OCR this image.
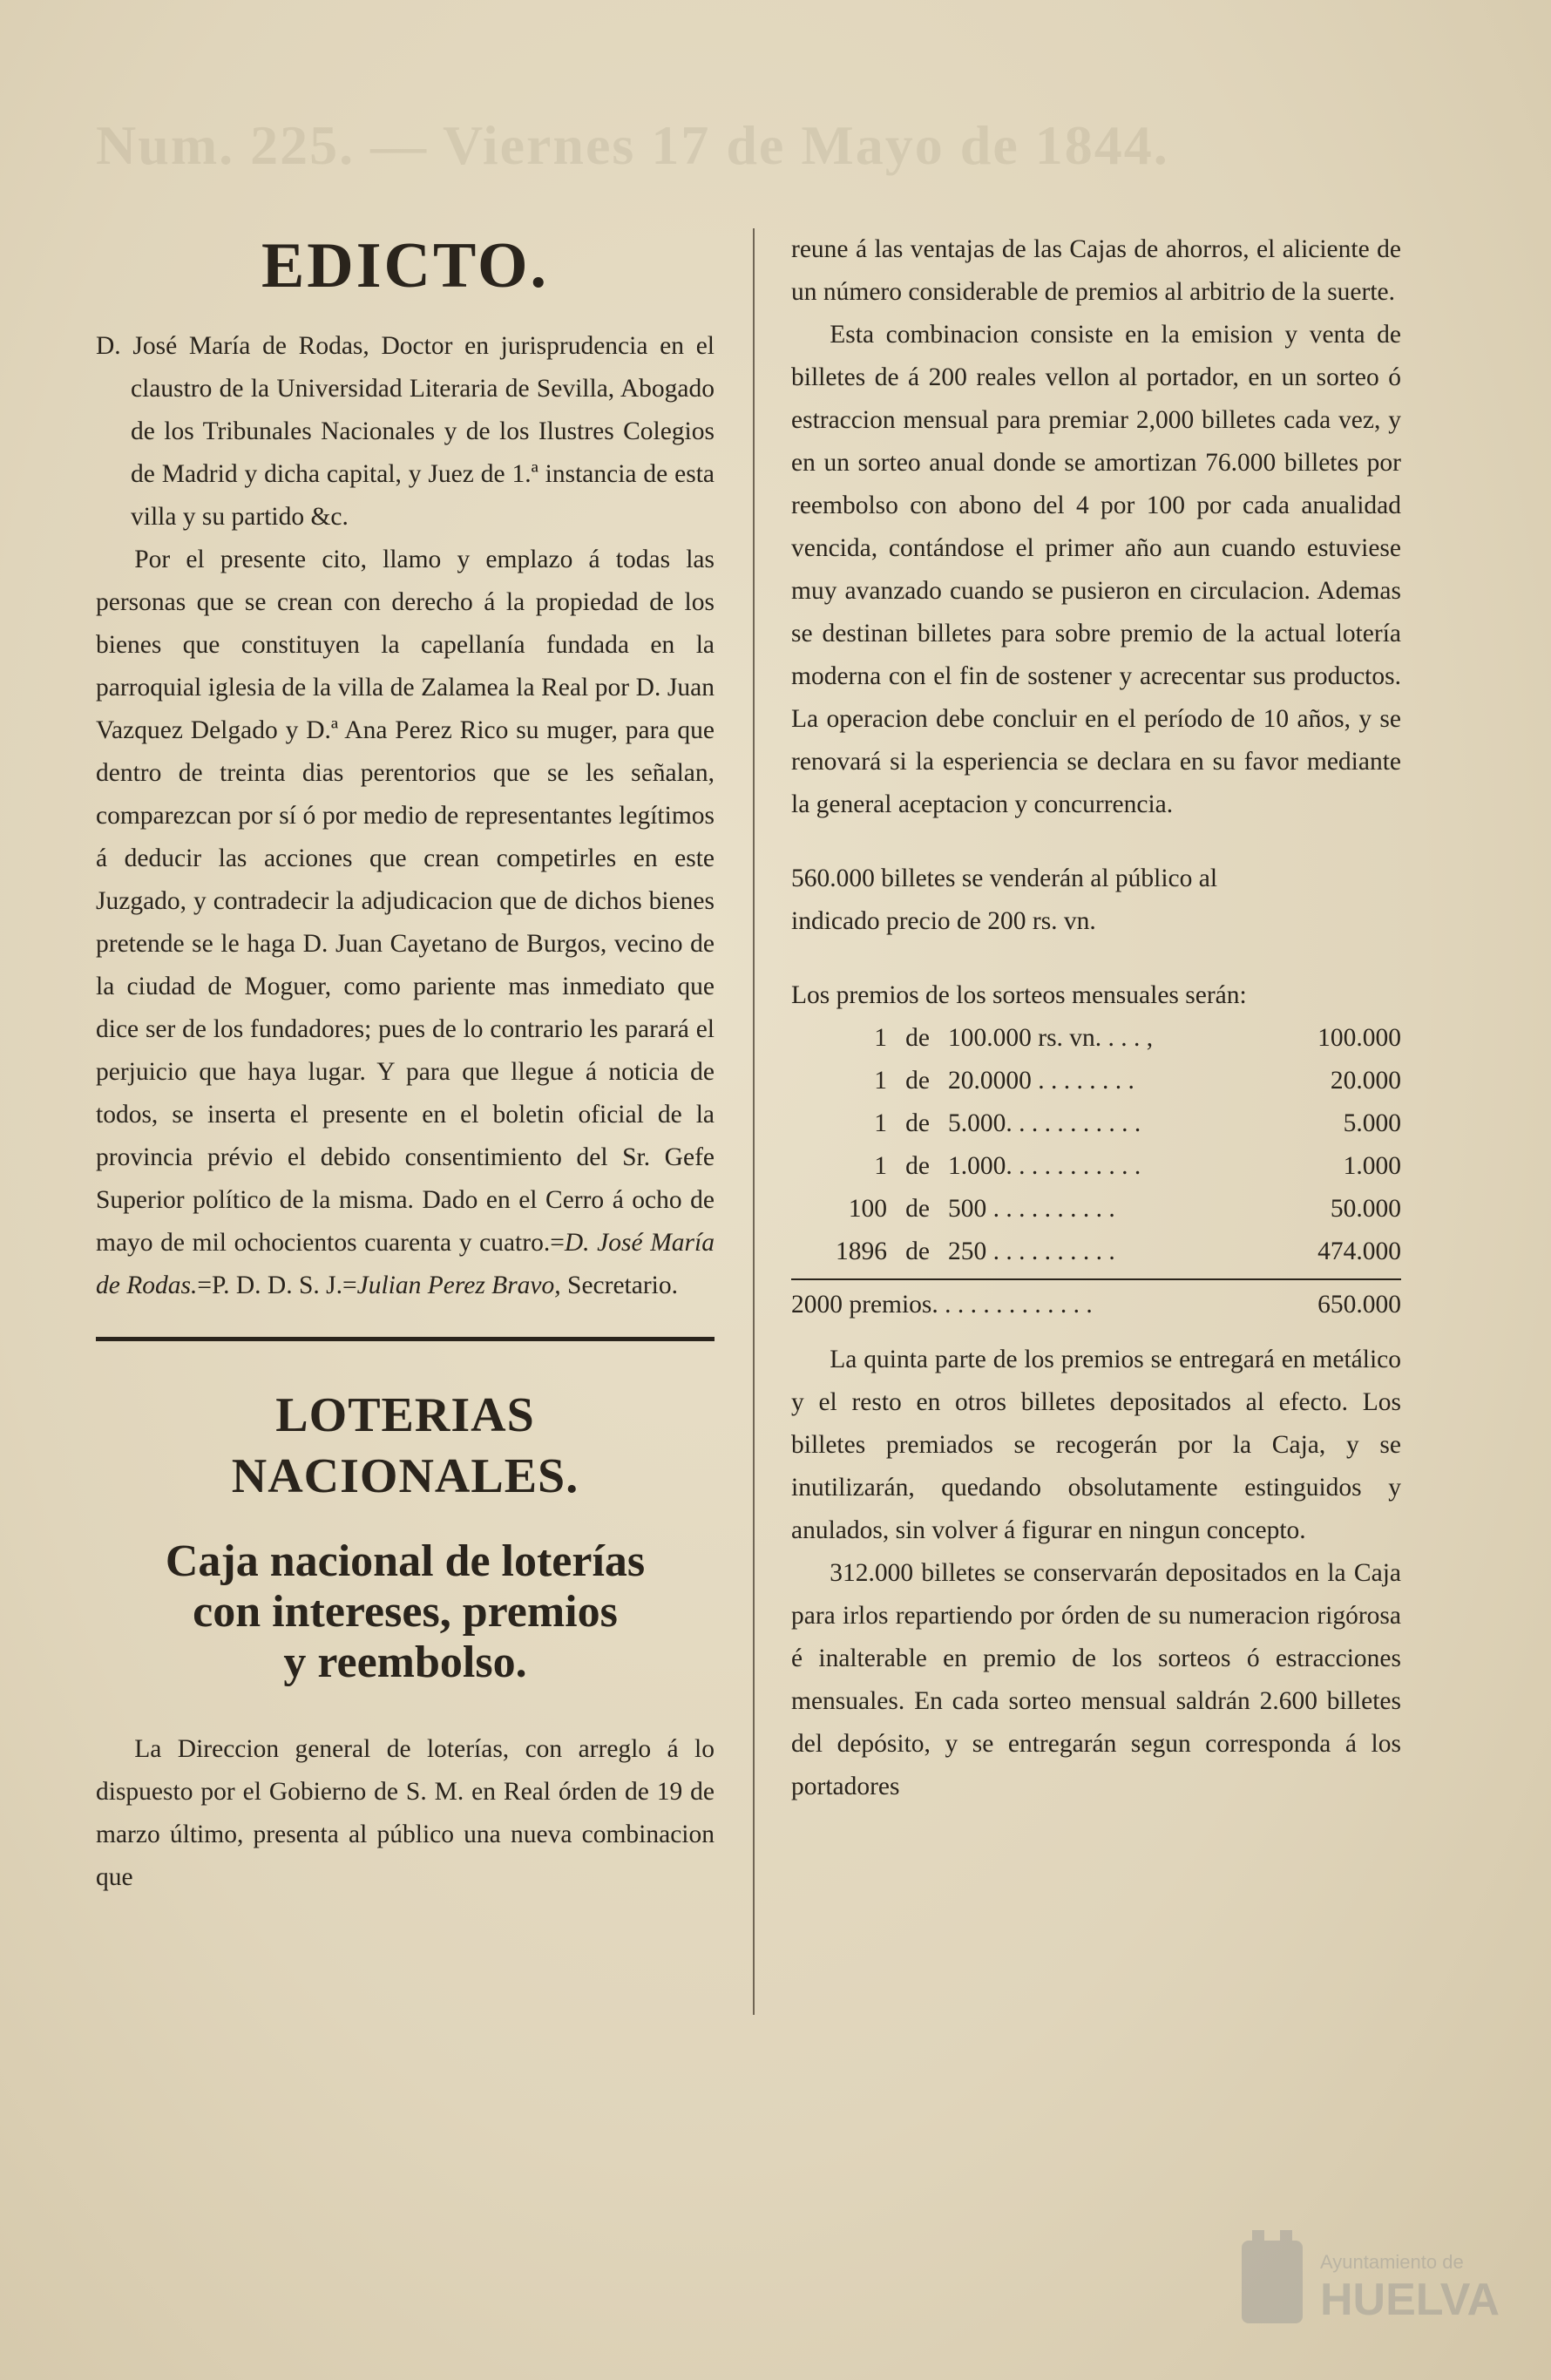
Num. 225. — Viernes 17 de Mayo de 1844.
EDICTO.

D. José María de Rodas, Doctor en jurisprudencia en el claustro de la Universidad Literaria de Sevilla, Abogado de los Tribunales Nacionales y de los Ilustres Colegios de Madrid y dicha capital, y Juez de 1.ª instancia de esta villa y su partido &c.

Por el presente cito, llamo y emplazo á todas las personas que se crean con derecho á la propiedad de los bienes que constituyen la capellanía fundada en la parroquial iglesia de la villa de Zalamea la Real por D. Juan Vazquez Delgado y D.ª Ana Perez Rico su muger, para que dentro de treinta dias perentorios que se les señalan, comparezcan por sí ó por medio de representantes legítimos á deducir las acciones que crean competirles en este Juzgado, y contradecir la adjudicacion que de dichos bienes pretende se le haga D. Juan Cayetano de Burgos, vecino de la ciudad de Moguer, como pariente mas inmediato que dice ser de los fundadores; pues de lo contrario les parará el perjuicio que haya lugar. Y para que llegue á noticia de todos, se inserta el presente en el boletin oficial de la provincia prévio el debido consentimiento del Sr. Gefe Superior político de la misma. Dado en el Cerro á ocho de mayo de mil ochocientos cuarenta y cuatro.=D. José María de Rodas.=P. D. D. S. J.=Julian Perez Bravo, Secretario.

LOTERIAS NACIONALES.
Caja nacional de loterías
con intereses, premios
y reembolso.

La Direccion general de loterías, con arreglo á lo dispuesto por el Gobierno de S. M. en Real órden de 19 de marzo último, presenta al público una nueva combinacion que

reune á las ventajas de las Cajas de ahorros, el aliciente de un número considerable de premios al arbitrio de la suerte.

Esta combinacion consiste en la emision y venta de billetes de á 200 reales vellon al portador, en un sorteo ó estraccion mensual para premiar 2,000 billetes cada vez, y en un sorteo anual donde se amortizan 76.000 billetes por reembolso con abono del 4 por 100 por cada anualidad vencida, contándose el primer año aun cuando estuviese muy avanzado cuando se pusieron en circulacion. Ademas se destinan billetes para sobre premio de la actual lotería moderna con el fin de sostener y acrecentar sus productos. La operacion debe concluir en el período de 10 años, y se renovará si la esperiencia se declara en su favor mediante la general aceptacion y concurrencia.

560.000 billetes se venderán al público al

indicado precio de 200 rs. vn.

Los premios de los sorteos mensuales serán:

1 de 100.000 rs. vn. . . . ,	100.000
1 de 20.0000 . . . . . . . .	20.000
1 de 5.000. . . . . . . . . . .	5.000
1 de 1.000. . . . . . . . . . .	1.000
100 de 500 . . . . . . . . . .	50.000
1896 de 250 . . . . . . . . . .	474.000
2000 premios. . . . . . . . . . . . .	650.000

La quinta parte de los premios se entregará en metálico y el resto en otros billetes depositados al efecto. Los billetes premiados se recogerán por la Caja, y se inutilizarán, quedando obsolutamente estinguidos y anulados, sin volver á figurar en ningun concepto.

312.000 billetes se conservarán depositados en la Caja para irlos repartiendo por órden de su numeracion rigórosa é inalterable en premio de los sorteos ó estracciones mensuales. En cada sorteo mensual saldrán 2.600 billetes del depósito, y se entregarán segun corresponda á los portadores

Ayuntamiento de
HUELVA
